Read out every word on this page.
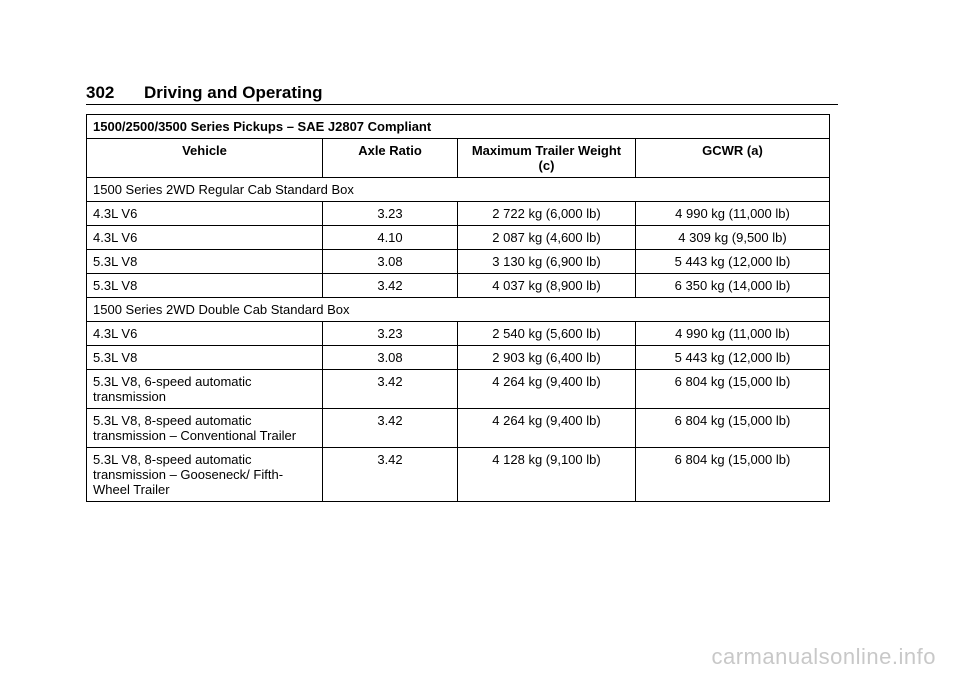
302 Driving and Operating
1500/2500/3500 Series Pickups – SAE J2807 Compliant
Vehicle	Axle Ratio	Maximum Trailer Weight (c)	GCWR (a)
1500 Series 2WD Regular Cab Standard Box			
4.3L V6	3.23	2 722 kg (6,000 lb)	4 990 kg (11,000 lb)
4.3L V6	4.10	2 087 kg (4,600 lb)	4 309 kg (9,500 lb)
5.3L V8	3.08	3 130 kg (6,900 lb)	5 443 kg (12,000 lb)
5.3L V8	3.42	4 037 kg (8,900 lb)	6 350 kg (14,000 lb)
1500 Series 2WD Double Cab Standard Box			
4.3L V6	3.23	2 540 kg (5,600 lb)	4 990 kg (11,000 lb)
5.3L V8	3.08	2 903 kg (6,400 lb)	5 443 kg (12,000 lb)
5.3L V8, 6-speed automatic transmission	3.42	4 264 kg (9,400 lb)	6 804 kg (15,000 lb)
5.3L V8, 8-speed automatic transmission – Conventional Trailer	3.42	4 264 kg (9,400 lb)	6 804 kg (15,000 lb)
5.3L V8, 8-speed automatic transmission – Gooseneck/ Fifth-Wheel Trailer	3.42	4 128 kg (9,100 lb)	6 804 kg (15,000 lb)
carmanualsonline.info
